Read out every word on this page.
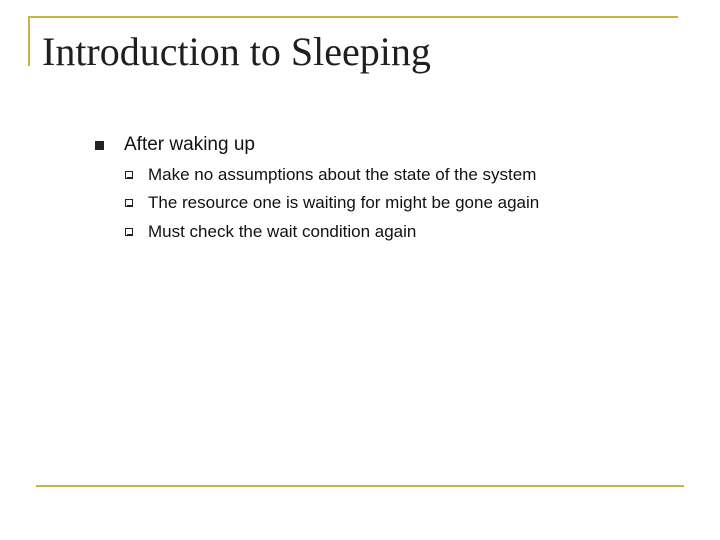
Introduction to Sleeping
After waking up
Make no assumptions about the state of the system
The resource one is waiting for might be gone again
Must check the wait condition again
